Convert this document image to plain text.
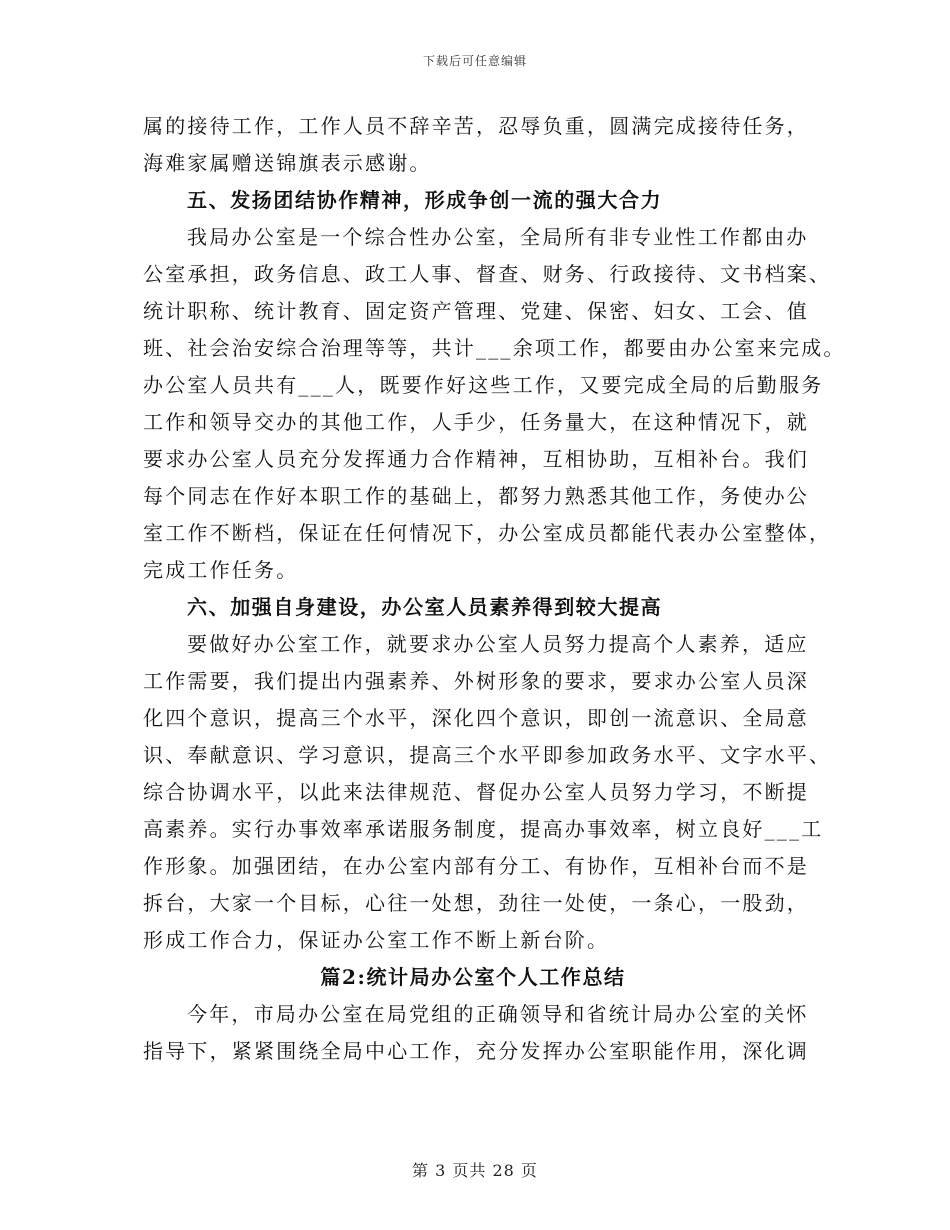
下载后可任意编辑
属的接待工作，工作人员不辞辛苦，忍辱负重，圆满完成接待任务，
海难家属赠送锦旗表示感谢。
五、发扬团结协作精神，形成争创一流的强大合力
我局办公室是一个综合性办公室，全局所有非专业性工作都由办
公室承担，政务信息、政工人事、督查、财务、行政接待、文书档案、
统计职称、统计教育、固定资产管理、党建、保密、妇女、工会、值
班、社会治安综合治理等等，共计___余项工作，都要由办公室来完成。
办公室人员共有___人，既要作好这些工作，又要完成全局的后勤服务
工作和领导交办的其他工作，人手少，任务量大，在这种情况下，就
要求办公室人员充分发挥通力合作精神，互相协助，互相补台。我们
每个同志在作好本职工作的基础上，都努力熟悉其他工作，务使办公
室工作不断档，保证在任何情况下，办公室成员都能代表办公室整体，
完成工作任务。
六、加强自身建设，办公室人员素养得到较大提高
要做好办公室工作，就要求办公室人员努力提高个人素养，适应
工作需要，我们提出内强素养、外树形象的要求，要求办公室人员深
化四个意识，提高三个水平，深化四个意识，即创一流意识、全局意
识、奉献意识、学习意识，提高三个水平即参加政务水平、文字水平、
综合协调水平，以此来法律规范、督促办公室人员努力学习，不断提
高素养。实行办事效率承诺服务制度，提高办事效率，树立良好___工
作形象。加强团结，在办公室内部有分工、有协作，互相补台而不是
拆台，大家一个目标，心往一处想，劲往一处使，一条心，一股劲，
形成工作合力，保证办公室工作不断上新台阶。
篇2:统计局办公室个人工作总结
今年，市局办公室在局党组的正确领导和省统计局办公室的关怀
指导下，紧紧围绕全局中心工作，充分发挥办公室职能作用，深化调
第 3 页共 28 页
